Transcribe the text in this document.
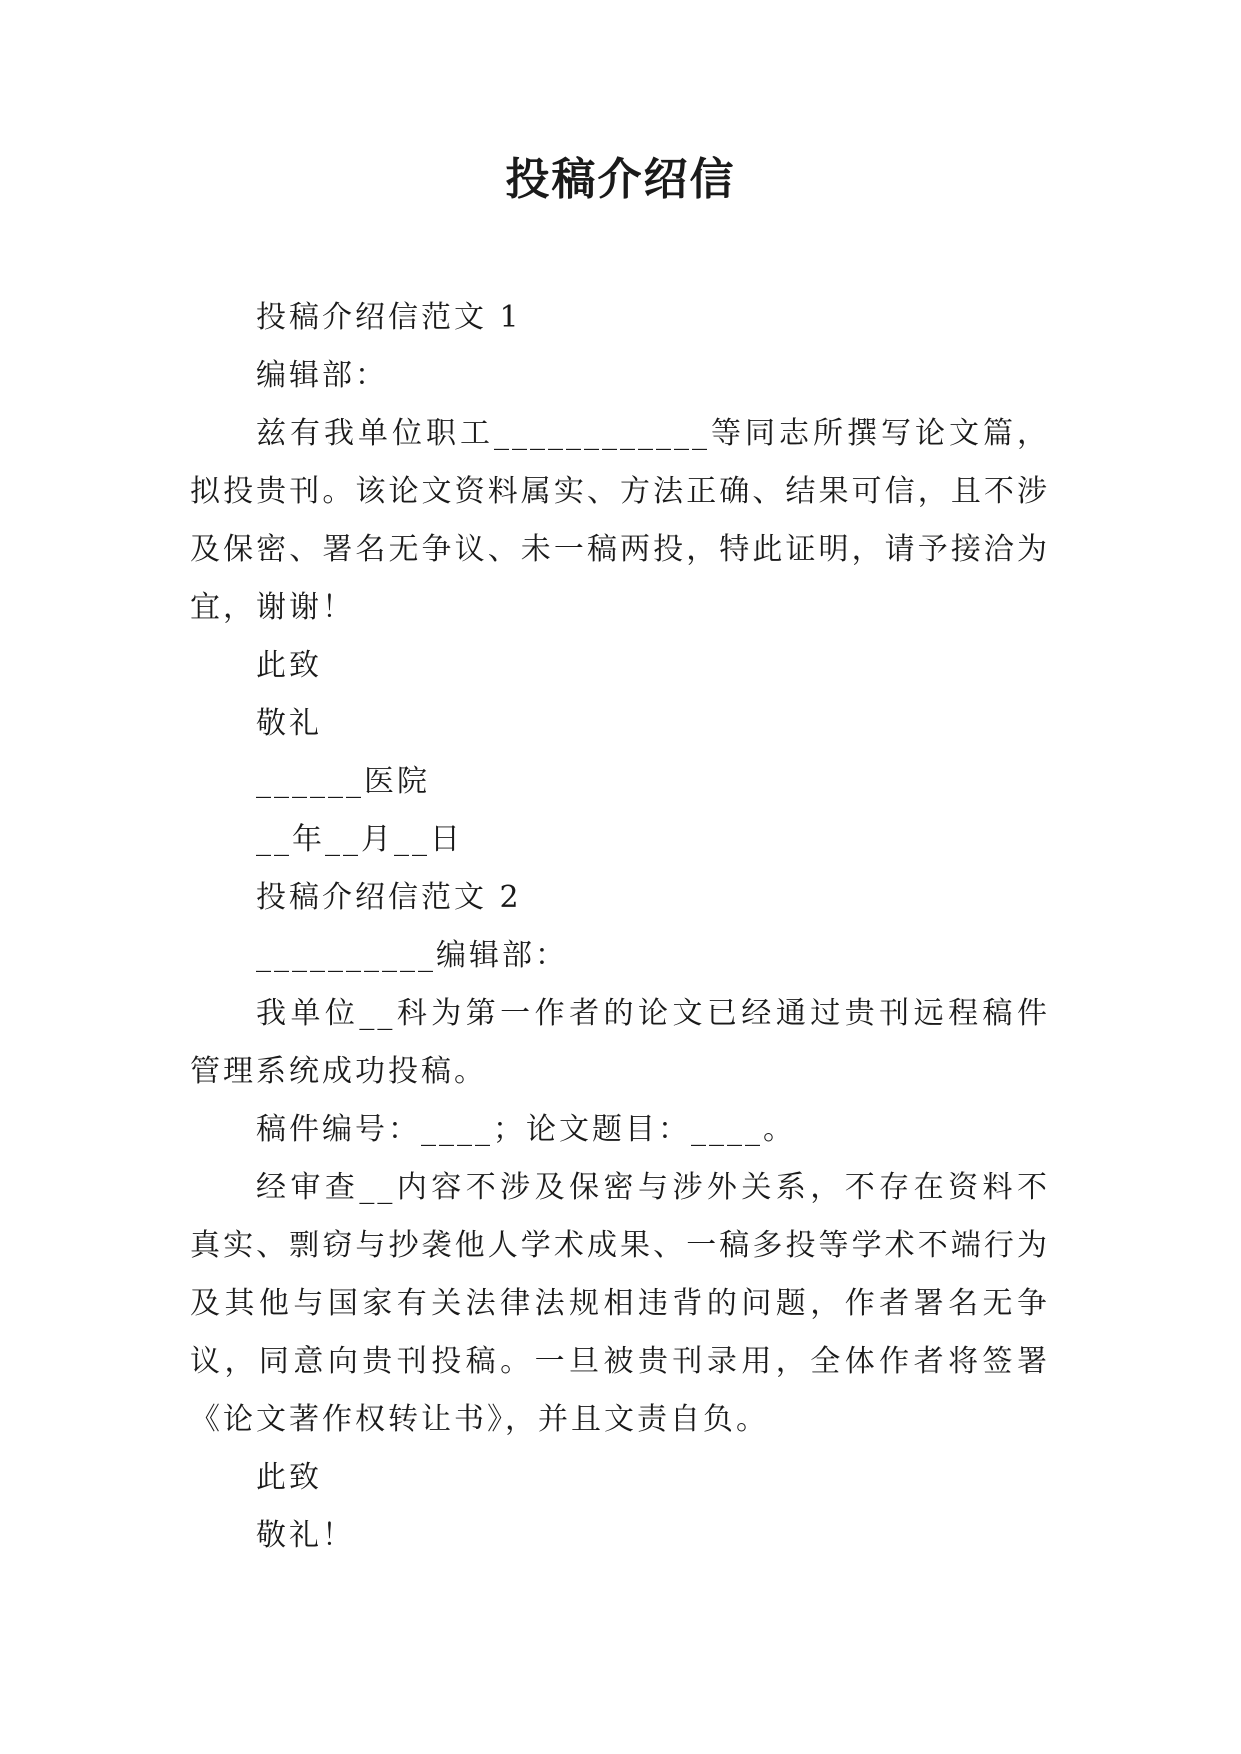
投稿介绍信

投稿介绍信范文 1

编辑部：

兹有我单位职工____________等同志所撰写论文篇，拟投贵刊。该论文资料属实、方法正确、结果可信，且不涉及保密、署名无争议、未一稿两投，特此证明，请予接洽为宜，谢谢！

此致

敬礼

______医院

__年__月__日

投稿介绍信范文 2

__________编辑部：

我单位__科为第一作者的论文已经通过贵刊远程稿件管理系统成功投稿。

稿件编号：____；论文题目：____。

经审查__内容不涉及保密与涉外关系，不存在资料不真实、剽窃与抄袭他人学术成果、一稿多投等学术不端行为及其他与国家有关法律法规相违背的问题，作者署名无争议，同意向贵刊投稿。一旦被贵刊录用，全体作者将签署《论文著作权转让书》，并且文责自负。

此致

敬礼！
